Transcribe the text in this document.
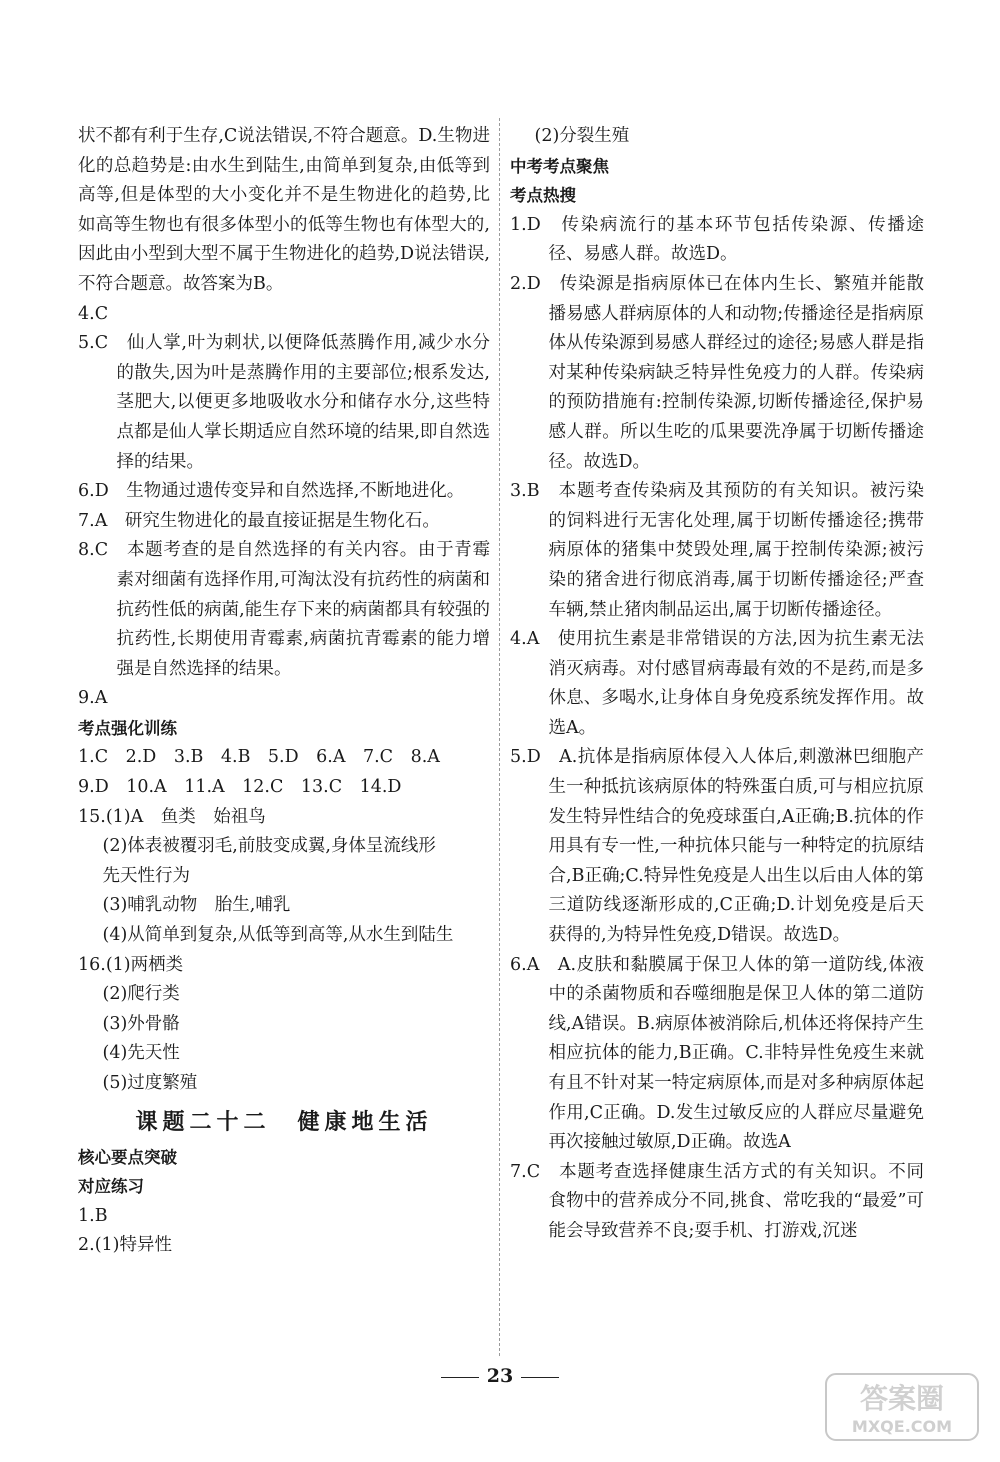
状不都有利于生存,C说法错误,不符合题意。D.生物进化的总趋势是:由水生到陆生,由简单到复杂,由低等到高等,但是体型的大小变化并不是生物进化的趋势,比如高等生物也有很多体型小的低等生物也有体型大的,因此由小型到大型不属于生物进化的趋势,D说法错误,不符合题意。故答案为B。

4.C

5.C　仙人掌,叶为刺状,以便降低蒸腾作用,减少水分的散失,因为叶是蒸腾作用的主要部位;根系发达,茎肥大,以便更多地吸收水分和储存水分,这些特点都是仙人掌长期适应自然环境的结果,即自然选择的结果。

6.D　生物通过遗传变异和自然选择,不断地进化。

7.A　研究生物进化的最直接证据是生物化石。

8.C　本题考查的是自然选择的有关内容。由于青霉素对细菌有选择作用,可淘汰没有抗药性的病菌和抗药性低的病菌,能生存下来的病菌都具有较强的抗药性,长期使用青霉素,病菌抗青霉素的能力增强是自然选择的结果。

9.A

考点强化训练

1.C　2.D　3.B　4.B　5.D　6.A　7.C　8.A

9.D　10.A　11.A　12.C　13.C　14.D

15.(1)A　鱼类　始祖鸟

(2)体表被覆羽毛,前肢变成翼,身体呈流线形

先天性行为

(3)哺乳动物　胎生,哺乳

(4)从简单到复杂,从低等到高等,从水生到陆生

16.(1)两栖类

(2)爬行类

(3)外骨骼

(4)先天性

(5)过度繁殖

课题二十二　健康地生活

核心要点突破

对应练习

1.B

2.(1)特异性

(2)分裂生殖

中考考点聚焦

考点热搜

1.D　传染病流行的基本环节包括传染源、传播途径、易感人群。故选D。

2.D　传染源是指病原体已在体内生长、繁殖并能散播易感人群病原体的人和动物;传播途径是指病原体从传染源到易感人群经过的途径;易感人群是指对某种传染病缺乏特异性免疫力的人群。传染病的预防措施有:控制传染源,切断传播途径,保护易感人群。所以生吃的瓜果要洗净属于切断传播途径。故选D。

3.B　本题考查传染病及其预防的有关知识。被污染的饲料进行无害化处理,属于切断传播途径;携带病原体的猪集中焚毁处理,属于控制传染源;被污染的猪舍进行彻底消毒,属于切断传播途径;严查车辆,禁止猪肉制品运出,属于切断传播途径。

4.A　使用抗生素是非常错误的方法,因为抗生素无法消灭病毒。对付感冒病毒最有效的不是药,而是多休息、多喝水,让身体自身免疫系统发挥作用。故选A。

5.D　A.抗体是指病原体侵入人体后,刺激淋巴细胞产生一种抵抗该病原体的特殊蛋白质,可与相应抗原发生特异性结合的免疫球蛋白,A正确;B.抗体的作用具有专一性,一种抗体只能与一种特定的抗原结合,B正确;C.特异性免疫是人出生以后由人体的第三道防线逐渐形成的,C正确;D.计划免疫是后天获得的,为特异性免疫,D错误。故选D。

6.A　A.皮肤和黏膜属于保卫人体的第一道防线,体液中的杀菌物质和吞噬细胞是保卫人体的第二道防线,A错误。B.病原体被消除后,机体还将保持产生相应抗体的能力,B正确。C.非特异性免疫生来就有且不针对某一特定病原体,而是对多种病原体起作用,C正确。D.发生过敏反应的人群应尽量避免再次接触过敏原,D正确。故选A

7.C　本题考查选择健康生活方式的有关知识。不同食物中的营养成分不同,挑食、常吃我的“最爱”可能会导致营养不良;耍手机、打游戏,沉迷

23
答案圈
MXQE.COM
